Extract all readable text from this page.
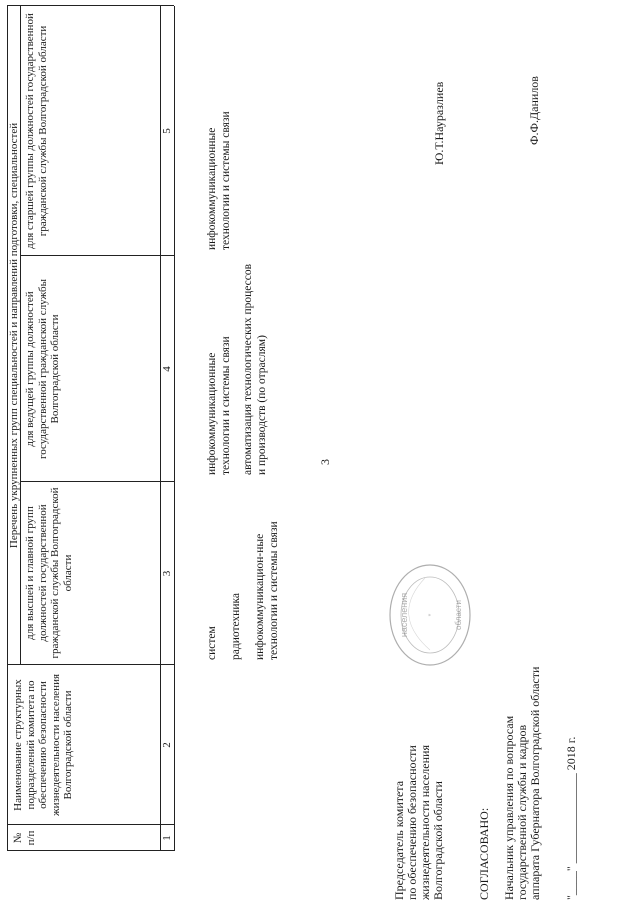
3
№
п/п
Наименование структурных подразделений комитета по обеспечению безопасности жизнедеятельности населения Волгоградской области
Перечень укрупненных групп специальностей и направлений подготовки, специальностей
для высшей и главной групп должностей государственной гражданской службы Волгоградской области
для ведущей группы должностей государственной гражданской службы Волгоградской области
для старшей группы должностей государственной гражданской службы Волгоградской области
1
2
3
4
5
систем радиотехника инфокоммуникацион-ные технологии и системы связи
инфокоммуникационные технологии и системы связи автоматизация технологических процессов и производств (по отраслям)
инфокоммуникационные технологии и системы связи
Председатель комитета по обеспечению безопасности жизнедеятельности населения Волгоградской области
Ю.Т.Науразлиев
СОГЛАСОВАНО: Начальник управления по вопросам государственной службы и кадров аппарата Губернатора Волгоградской области
Ф.Ф.Данилов
"____" _______________ 2018 г.
населения	области
*
